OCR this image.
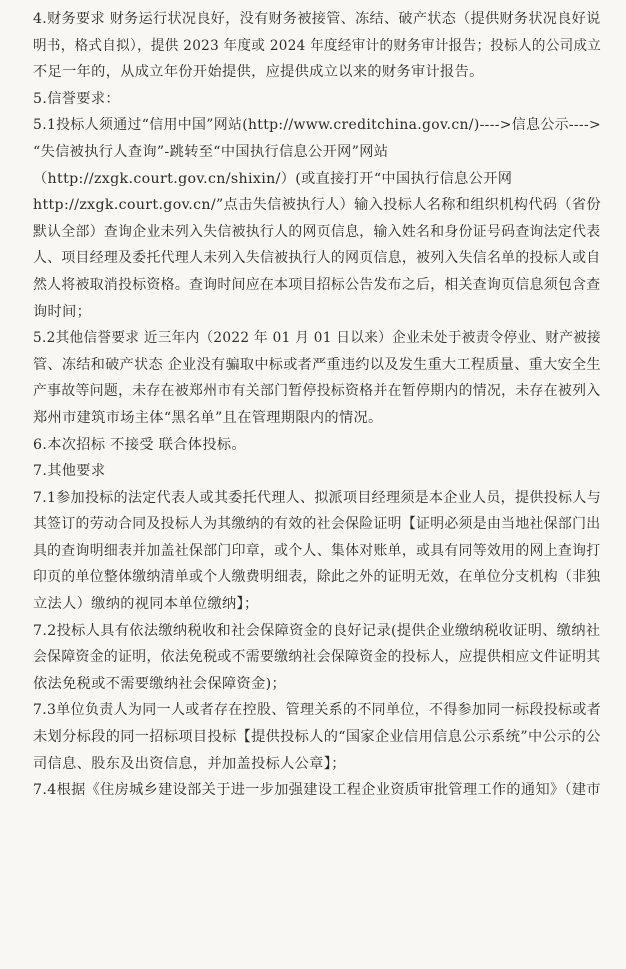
4.财务要求 财务运行状况良好，没有财务被接管、冻结、破产状态（提供财务状况良好说
明书，格式自拟），提供 2023 年度或 2024 年度经审计的财务审计报告；投标人的公司成立
不足一年的，从成立年份开始提供，应提供成立以来的财务审计报告。
5.信誉要求：
5.1投标人须通过“信用中国”网站(http://www.creditchina.gov.cn/)---->信息公示---->
“失信被执行人查询”-跳转至“中国执行信息公开网”网站
（http://zxgk.court.gov.cn/shixin/）(或直接打开“中国执行信息公开网
http://zxgk.court.gov.cn/”点击失信被执行人）输入投标人名称和组织机构代码（省份
默认全部）查询企业未列入失信被执行人的网页信息，输入姓名和身份证号码查询法定代表
人、项目经理及委托代理人未列入失信被执行人的网页信息，被列入失信名单的投标人或自
然人将被取消投标资格。查询时间应在本项目招标公告发布之后，相关查询页信息须包含查
询时间；
5.2其他信誉要求 近三年内（2022 年 01 月 01 日以来）企业未处于被责令停业、财产被接
管、冻结和破产状态 企业没有骗取中标或者严重违约以及发生重大工程质量、重大安全生
产事故等问题，未存在被郑州市有关部门暂停投标资格并在暂停期内的情况，未存在被列入
郑州市建筑市场主体“黑名单”且在管理期限内的情况。
6.本次招标 不接受 联合体投标。
7.其他要求
7.1参加投标的法定代表人或其委托代理人、拟派项目经理须是本企业人员，提供投标人与
其签订的劳动合同及投标人为其缴纳的有效的社会保险证明【证明必须是由当地社保部门出
具的查询明细表并加盖社保部门印章，或个人、集体对账单，或具有同等效用的网上查询打
印页的单位整体缴纳清单或个人缴费明细表，除此之外的证明无效，在单位分支机构（非独
立法人）缴纳的视同本单位缴纳】；
7.2投标人具有依法缴纳税收和社会保障资金的良好记录(提供企业缴纳税收证明、缴纳社
会保障资金的证明，依法免税或不需要缴纳社会保障资金的投标人，应提供相应文件证明其
依法免税或不需要缴纳社会保障资金)；
7.3单位负责人为同一人或者存在控股、管理关系的不同单位，不得参加同一标段投标或者
未划分标段的同一招标项目投标【提供投标人的“国家企业信用信息公示系统”中公示的公
司信息、股东及出资信息，并加盖投标人公章】；
7.4根据《住房城乡建设部关于进一步加强建设工程企业资质审批管理工作的通知》（建市
